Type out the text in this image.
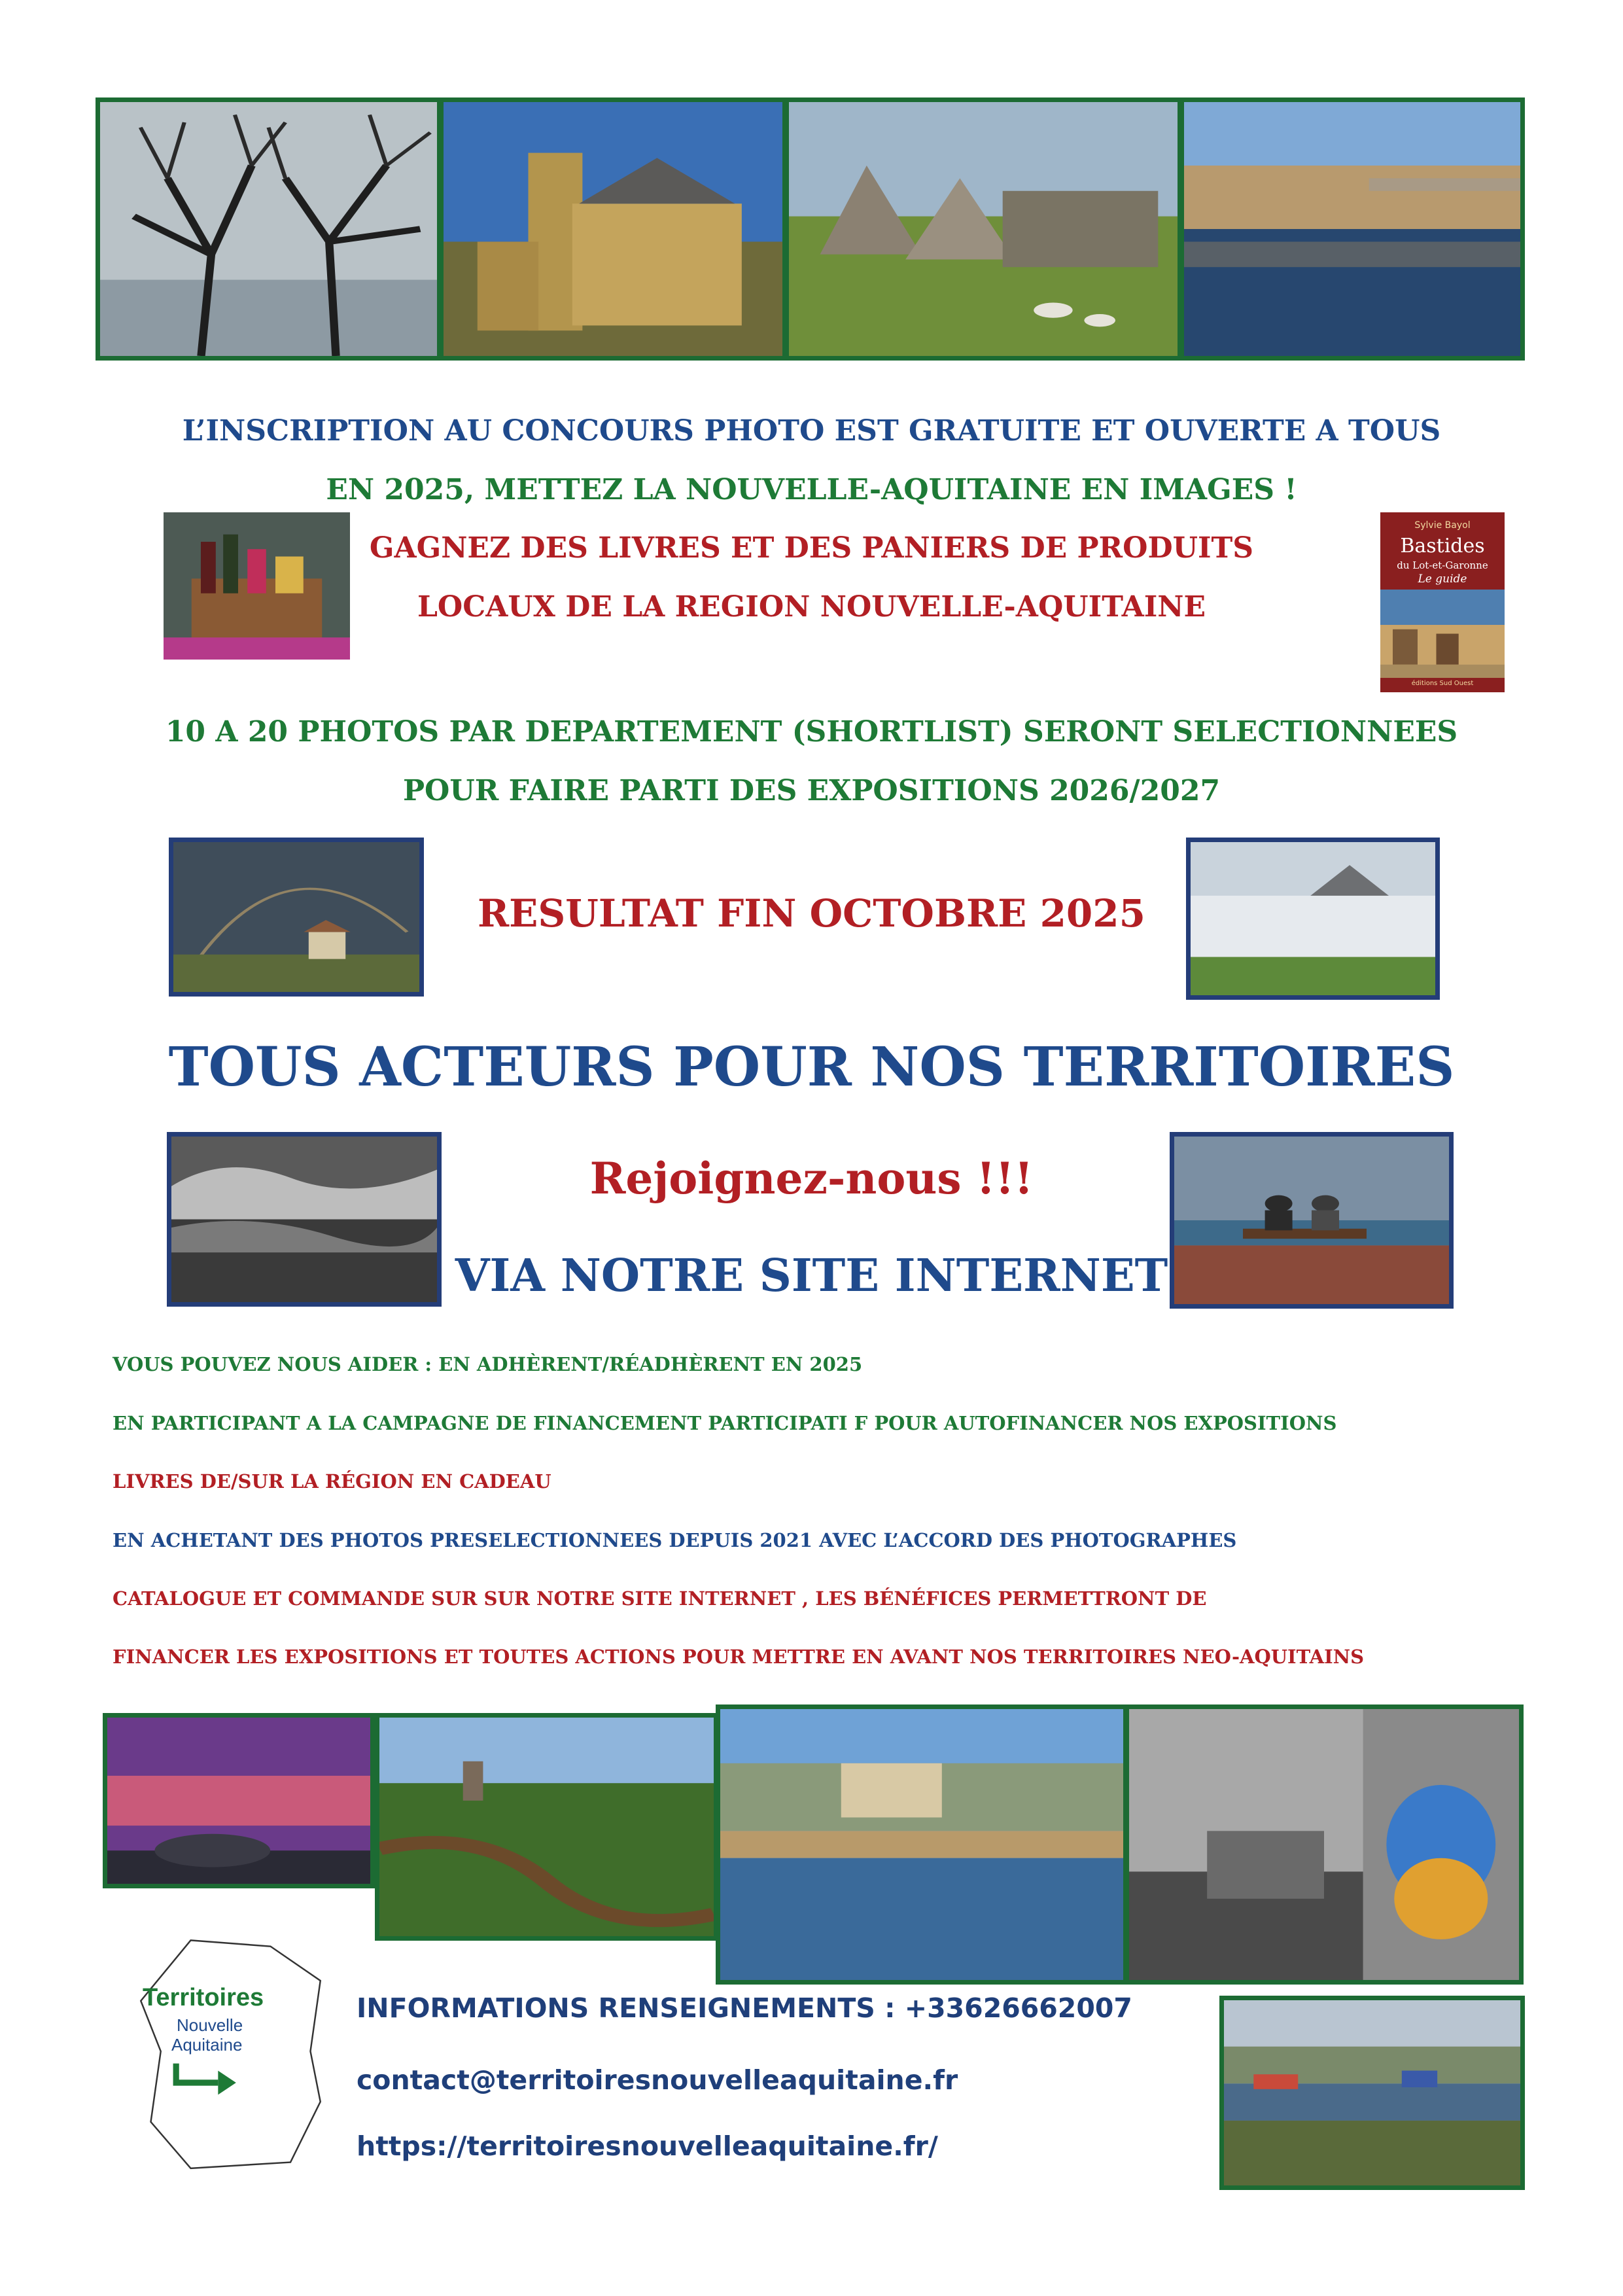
L’INSCRIPTION AU CONCOURS PHOTO EST GRATUITE ET OUVERTE A TOUS

EN 2025, METTEZ LA NOUVELLE-AQUITAINE EN IMAGES !

GAGNEZ DES LIVRES ET DES PANIERS DE PRODUITS

LOCAUX DE LA REGION NOUVELLE-AQUITAINE

Sylvie Bayol
Bastides
du Lot-et-Garonne
Le guide
éditions Sud Ouest

10 A 20 PHOTOS PAR DEPARTEMENT (SHORTLIST) SERONT SELECTIONNEES

POUR FAIRE PARTI DES EXPOSITIONS 2026/2027

RESULTAT FIN OCTOBRE 2025

TOUS ACTEURS POUR NOS TERRITOIRES

Rejoignez-nous !!!

VIA NOTRE SITE INTERNET

VOUS POUVEZ NOUS AIDER : EN ADHÈRENT/RÉADHÈRENT EN 2025

EN PARTICIPANT A LA CAMPAGNE DE FINANCEMENT PARTICIPATI F POUR AUTOFINANCER NOS EXPOSITIONS

LIVRES DE/SUR LA RÉGION EN CADEAU

EN ACHETANT DES PHOTOS PRESELECTIONNEES DEPUIS 2021 AVEC L’ACCORD DES PHOTOGRAPHES

CATALOGUE ET COMMANDE SUR SUR NOTRE SITE INTERNET , LES BÉNÉFICES PERMETTRONT DE

FINANCER LES EXPOSITIONS ET TOUTES ACTIONS POUR METTRE EN AVANT NOS TERRITOIRES NEO-AQUITAINS

Territoires
Nouvelle
Aquitaine

INFORMATIONS RENSEIGNEMENTS : +33626662007

contact@territoiresnouvelleaquitaine.fr
https://territoiresnouvelleaquitaine.fr/
